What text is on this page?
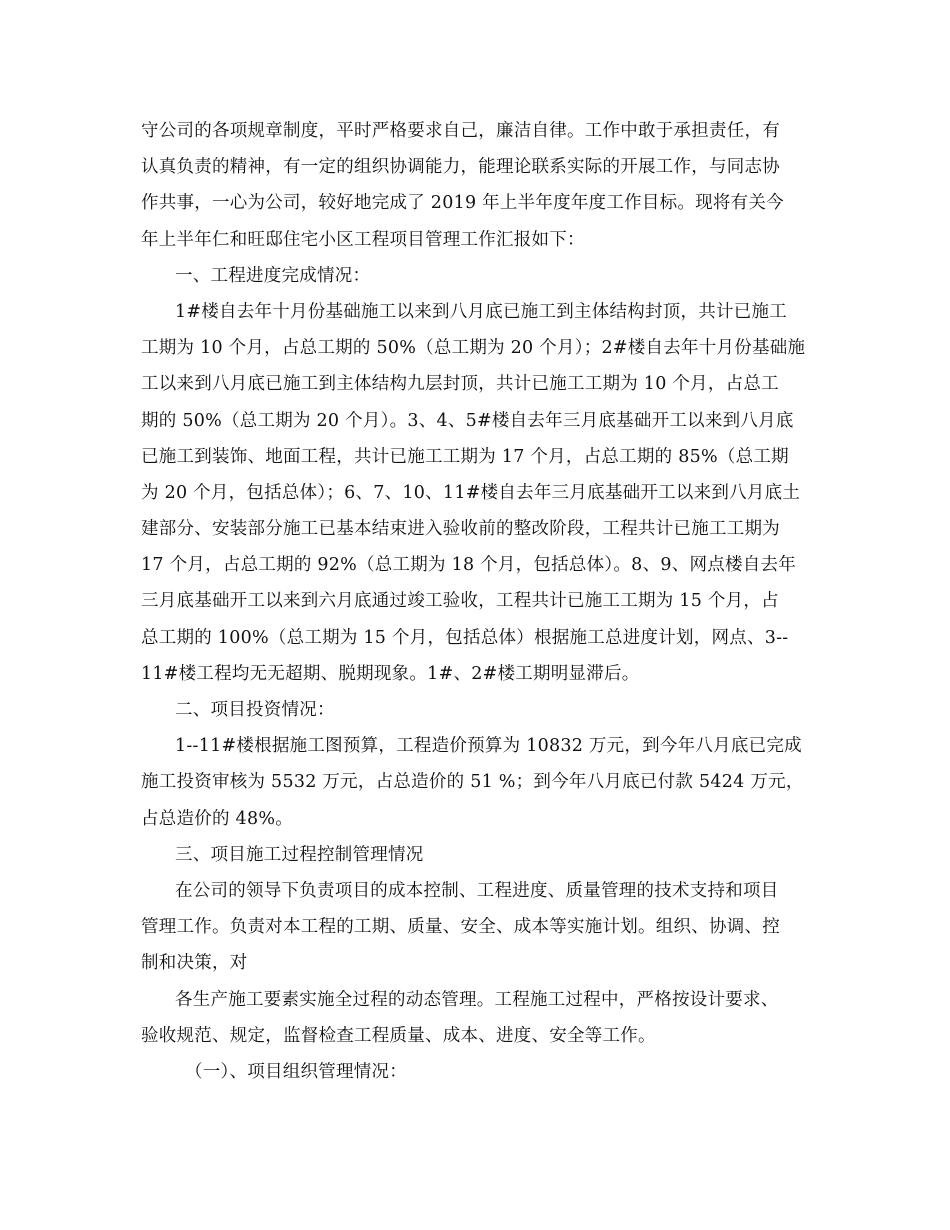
守公司的各项规章制度，平时严格要求自己，廉洁自律。工作中敢于承担责任，有
认真负责的精神，有一定的组织协调能力，能理论联系实际的开展工作，与同志协
作共事，一心为公司，较好地完成了 2019 年上半年度年度工作目标。现将有关今
年上半年仁和旺邸住宅小区工程项目管理工作汇报如下：
一、工程进度完成情况：
1#楼自去年十月份基础施工以来到八月底已施工到主体结构封顶，共计已施工
工期为 10 个月，占总工期的 50%（总工期为 20 个月）；2#楼自去年十月份基础施
工以来到八月底已施工到主体结构九层封顶，共计已施工工期为 10 个月，占总工
期的 50%（总工期为 20 个月）。3、4、5#楼自去年三月底基础开工以来到八月底
已施工到装饰、地面工程，共计已施工工期为 17 个月，占总工期的 85%（总工期
为 20 个月，包括总体）；6、7、10、11#楼自去年三月底基础开工以来到八月底土
建部分、安装部分施工已基本结束进入验收前的整改阶段，工程共计已施工工期为
17 个月，占总工期的 92%（总工期为 18 个月，包括总体）。8、9、网点楼自去年
三月底基础开工以来到六月底通过竣工验收，工程共计已施工工期为 15 个月，占
总工期的 100%（总工期为 15 个月，包括总体）根据施工总进度计划，网点、3--
11#楼工程均无无超期、脱期现象。1#、2#楼工期明显滞后。
二、项目投资情况：
1--11#楼根据施工图预算，工程造价预算为 10832 万元，到今年八月底已完成
施工投资审核为 5532 万元，占总造价的 51 %；到今年八月底已付款 5424 万元，
占总造价的 48%。
三、项目施工过程控制管理情况
在公司的领导下负责项目的成本控制、工程进度、质量管理的技术支持和项目
管理工作。负责对本工程的工期、质量、安全、成本等实施计划。组织、协调、控
制和决策，对
各生产施工要素实施全过程的动态管理。工程施工过程中，严格按设计要求、
验收规范、规定，监督检查工程质量、成本、进度、安全等工作。
（一）、项目组织管理情况：
